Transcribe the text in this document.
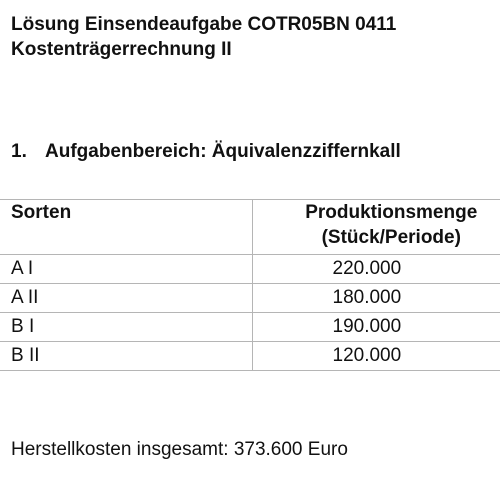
Lösung Einsendeaufgabe COTR05BN 0411
Kostenträgerrechnung II
1. Aufgabenbereich: Äquivalenzziffernkall
Sorten	Produktionsmenge
(Stück/Periode)

A I	220.000
A II	180.000
B I	190.000
B II	120.000
Herstellkosten insgesamt: 373.600 Euro
